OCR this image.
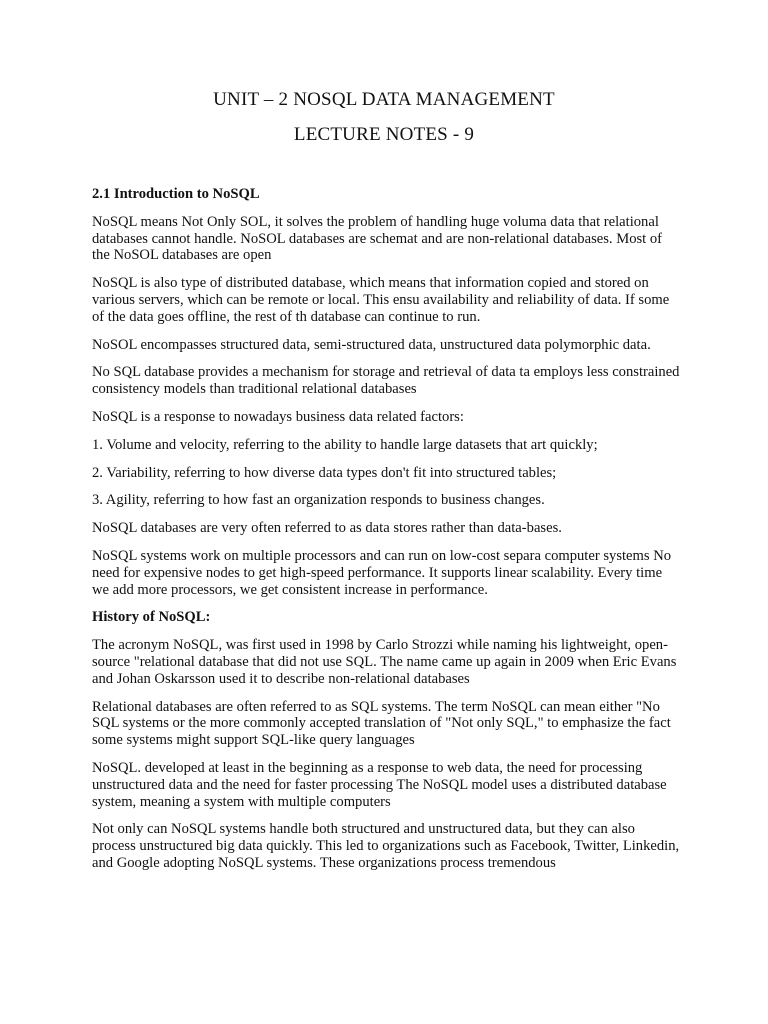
UNIT – 2 NOSQL DATA MANAGEMENT
LECTURE NOTES - 9
2.1 Introduction to NoSQL

NoSQL means Not Only SOL, it solves the problem of handling huge voluma data that relational databases cannot handle. NoSOL databases are schemat and are non-relational databases. Most of the NoSOL databases are open

NoSQL is also type of distributed database, which means that information copied and stored on various servers, which can be remote or local. This ensu availability and reliability of data. If some of the data goes offline, the rest of th database can continue to run.

NoSOL encompasses structured data, semi-structured data, unstructured data polymorphic data.

No SQL database provides a mechanism for storage and retrieval of data ta employs less constrained consistency models than traditional relational databases

NoSQL is a response to nowadays business data related factors:

1. Volume and velocity, referring to the ability to handle large datasets that art quickly;

2. Variability, referring to how diverse data types don't fit into structured tables;

3. Agility, referring to how fast an organization responds to business changes.

NoSQL databases are very often referred to as data stores rather than data-bases.

NoSQL systems work on multiple processors and can run on low-cost separa computer systems No need for expensive nodes to get high-speed performance. It supports linear scalability. Every time we add more processors, we get consistent increase in performance.

History of NoSQL:

The acronym NoSQL, was first used in 1998 by Carlo Strozzi while naming his lightweight, open-source "relational database that did not use SQL. The name came up again in 2009 when Eric Evans and Johan Oskarsson used it to describe non-relational databases

Relational databases are often referred to as SQL systems. The term NoSQL can mean either "No SQL systems or the more commonly accepted translation of "Not only SQL," to emphasize the fact some systems might support SQL-like query languages

NoSQL. developed at least in the beginning as a response to web data, the need for processing unstructured data and the need for faster processing The NoSQL model uses a distributed database system, meaning a system with multiple computers

Not only can NoSQL systems handle both structured and unstructured data, but they can also process unstructured big data quickly. This led to organizations such as Facebook, Twitter, Linkedin, and Google adopting NoSQL systems. These organizations process tremendous
